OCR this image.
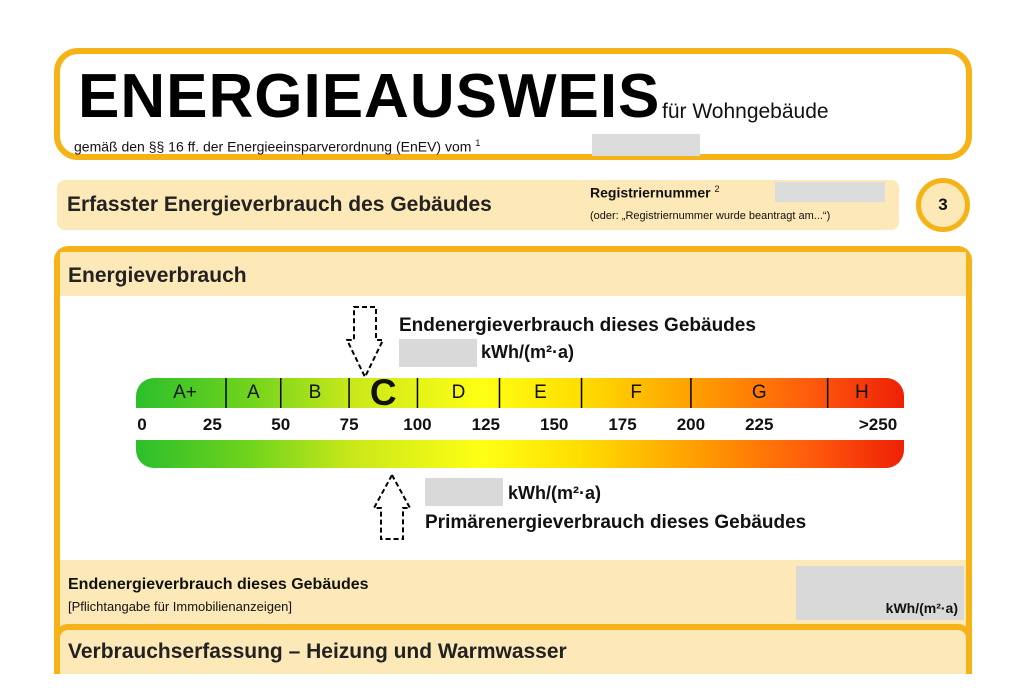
ENERGIEAUSWEIS für Wohngebäude
gemäß den §§ 16 ff. der Energieeinsparverordnung (EnEV) vom $^1$
Erfasster Energieverbrauch des Gebäudes
Registriernummer $^2$
(oder: „Registriernummer wurde beantragt am...“)
3
Energieverbrauch
Endenergieverbrauch dieses Gebäudes
kWh/(m²·a)
A+	A	B C	D	E	F	G	H
0	25	50	75	100 125 150 175 200 225	>250
kWh/(m²·a)
Primärenergieverbrauch dieses Gebäudes
Endenergieverbrauch dieses Gebäudes
[Pflichtangabe für Immobilienanzeigen]	kWh/(m²·a)
Verbrauchserfassung – Heizung und Warmwasser
